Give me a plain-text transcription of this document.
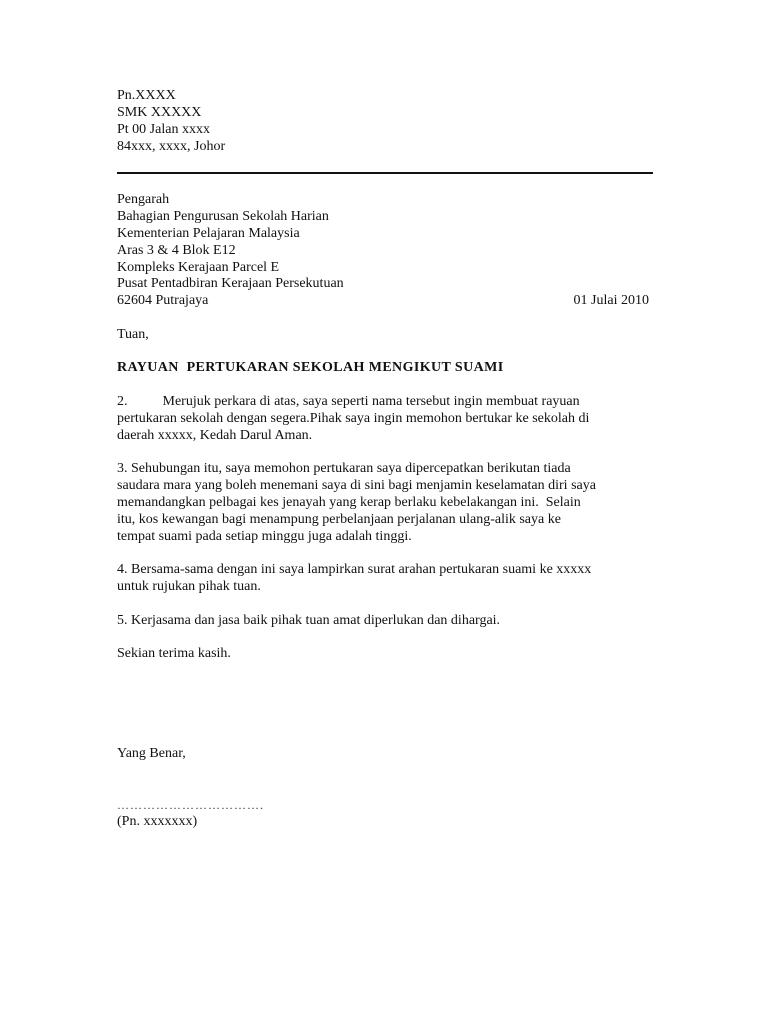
Pn.XXXX
SMK XXXXX
Pt 00 Jalan xxxx
84xxx, xxxx, Johor
Pengarah
Bahagian Pengurusan Sekolah Harian
Kementerian Pelajaran Malaysia
Aras 3 & 4 Blok E12
Kompleks Kerajaan Parcel E
Pusat Pentadbiran Kerajaan Persekutuan
62604 Putrajaya	01 Julai 2010
Tuan,
RAYUAN  PERTUKARAN SEKOLAH MENGIKUT SUAMI
2.          Merujuk perkara di atas, saya seperti nama tersebut ingin membuat rayuan
pertukaran sekolah dengan segera.Pihak saya ingin memohon bertukar ke sekolah di
daerah xxxxx, Kedah Darul Aman.
3. Sehubungan itu, saya memohon pertukaran saya dipercepatkan berikutan tiada
saudara mara yang boleh menemani saya di sini bagi menjamin keselamatan diri saya
memandangkan pelbagai kes jenayah yang kerap berlaku kebelakangan ini.  Selain
itu, kos kewangan bagi menampung perbelanjaan perjalanan ulang-alik saya ke
tempat suami pada setiap minggu juga adalah tinggi.
4. Bersama-sama dengan ini saya lampirkan surat arahan pertukaran suami ke xxxxx
untuk rujukan pihak tuan.
5. Kerjasama dan jasa baik pihak tuan amat diperlukan dan dihargai.
Sekian terima kasih.
Yang Benar,
…………………………….
(Pn. xxxxxxx)
